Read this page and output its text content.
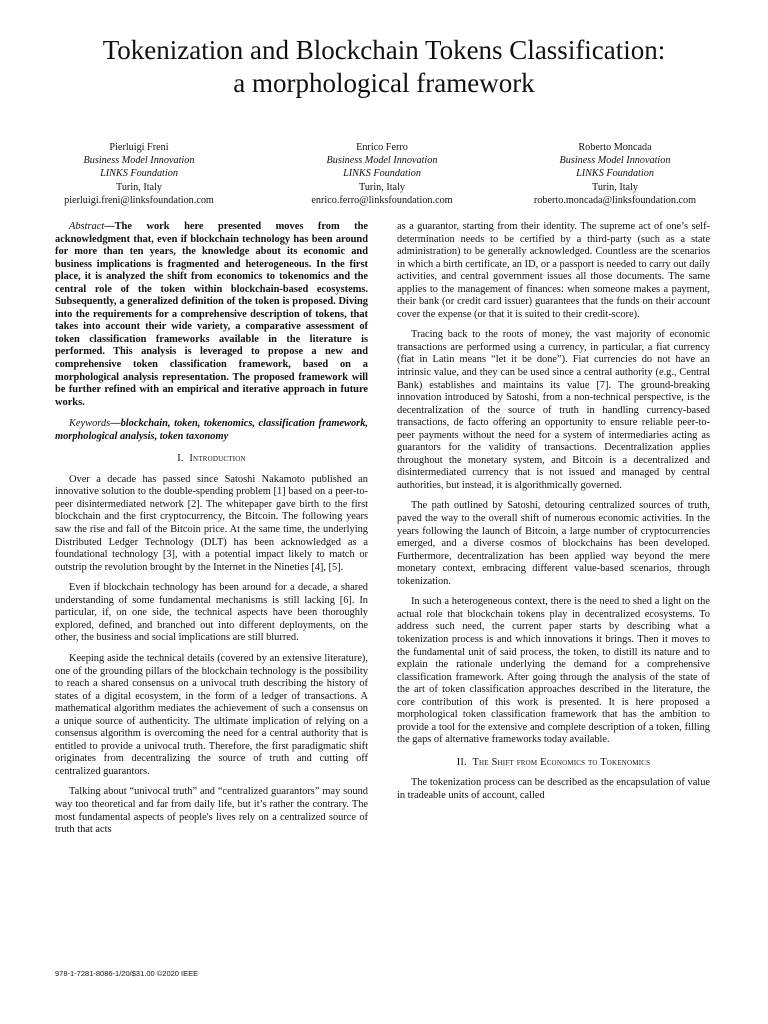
Tokenization and Blockchain Tokens Classification:
a morphological framework
Pierluigi Freni
Business Model Innovation
LINKS Foundation
Turin, Italy
pierluigi.freni@linksfoundation.com
Enrico Ferro
Business Model Innovation
LINKS Foundation
Turin, Italy
enrico.ferro@linksfoundation.com
Roberto Moncada
Business Model Innovation
LINKS Foundation
Turin, Italy
roberto.moncada@linksfoundation.com

Abstract—The work here presented moves from the acknowledgment that, even if blockchain technology has been around for more than ten years, the knowledge about its economic and business implications is fragmented and heterogeneous. In the first place, it is analyzed the shift from economics to tokenomics and the central role of the token within blockchain-based ecosystems. Subsequently, a generalized definition of the token is proposed. Diving into the requirements for a comprehensive description of tokens, that takes into account their wide variety, a comparative assessment of token classification frameworks available in the literature is performed. This analysis is leveraged to propose a new and comprehensive token classification framework, based on a morphological analysis representation. The proposed framework will be further refined with an empirical and iterative approach in future works.

Keywords—blockchain, token, tokenomics, classification framework, morphological analysis, token taxonomy

I. Introduction

Over a decade has passed since Satoshi Nakamoto published an innovative solution to the double-spending problem [1] based on a peer-to-peer disintermediated network [2]. The whitepaper gave birth to the first blockchain and the first cryptocurrency, the Bitcoin. The following years saw the rise and fall of the Bitcoin price. At the same time, the underlying Distributed Ledger Technology (DLT) has been acknowledged as a foundational technology [3], with a potential impact likely to match or outstrip the revolution brought by the Internet in the Nineties [4], [5].

Even if blockchain technology has been around for a decade, a shared understanding of some fundamental mechanisms is still lacking [6]. In particular, if, on one side, the technical aspects have been thoroughly explored, defined, and branched out into different deployments, on the other, the business and social implications are still blurred.

Keeping aside the technical details (covered by an extensive literature), one of the grounding pillars of the blockchain technology is the possibility to reach a shared consensus on a univocal truth describing the history of states of a digital ecosystem, in the form of a ledger of transactions. A mathematical algorithm mediates the achievement of such a consensus on a unique source of authenticity. The ultimate implication of relying on a consensus algorithm is overcoming the need for a central authority that is entitled to provide a univocal truth. Therefore, the first paradigmatic shift originates from decentralizing the source of truth and cutting off centralized guarantors.

Talking about “univocal truth” and “centralized guarantors” may sound way too theoretical and far from daily life, but it’s rather the contrary. The most fundamental aspects of people's lives rely on a centralized source of truth that acts

as a guarantor, starting from their identity. The supreme act of one’s self-determination needs to be certified by a third-party (such as a state administration) to be generally acknowledged. Countless are the scenarios in which a birth certificate, an ID, or a passport is needed to carry out daily activities, and central government issues all those documents. The same applies to the management of finances: when someone makes a payment, their bank (or credit card issuer) guarantees that the funds on their account cover the expense (or that it is suited to their credit-score).

Tracing back to the roots of money, the vast majority of economic transactions are performed using a currency, in particular, a fiat currency (fiat in Latin means “let it be done”). Fiat currencies do not have an intrinsic value, and they can be used since a central authority (e.g., Central Bank) establishes and maintains its value [7]. The ground-breaking innovation introduced by Satoshi, from a non-technical perspective, is the decentralization of the source of truth in handling currency-based transactions, de facto offering an opportunity to ensure reliable peer-to-peer payments without the need for a system of intermediaries acting as guarantors for the validity of transactions. Decentralization applies throughout the monetary system, and Bitcoin is a decentralized and disintermediated currency that is not issued and managed by central authorities, but instead, it is algorithmically governed.

The path outlined by Satoshi, detouring centralized sources of truth, paved the way to the overall shift of numerous economic activities. In the years following the launch of Bitcoin, a large number of cryptocurrencies emerged, and a diverse cosmos of blockchains has been developed. Furthermore, decentralization has been applied way beyond the mere monetary context, embracing different value-based scenarios, through tokenization.

In such a heterogeneous context, there is the need to shed a light on the actual role that blockchain tokens play in decentralized ecosystems. To address such need, the current paper starts by describing what a tokenization process is and which innovations it brings. Then it moves to the fundamental unit of said process, the token, to distill its nature and to explain the rationale underlying the demand for a comprehensive classification framework. After going through the analysis of the state of the art of token classification approaches described in the literature, the core contribution of this work is presented. It is here proposed a morphological token classification framework that has the ambition to provide a tool for the extensive and complete description of a token, filling the gaps of alternative frameworks today available.

II. The Shift from Economics to Tokenomics

The tokenization process can be described as the encapsulation of value in tradeable units of account, called

978-1-7281-8086-1/20/$31.00 ©2020 IEEE
